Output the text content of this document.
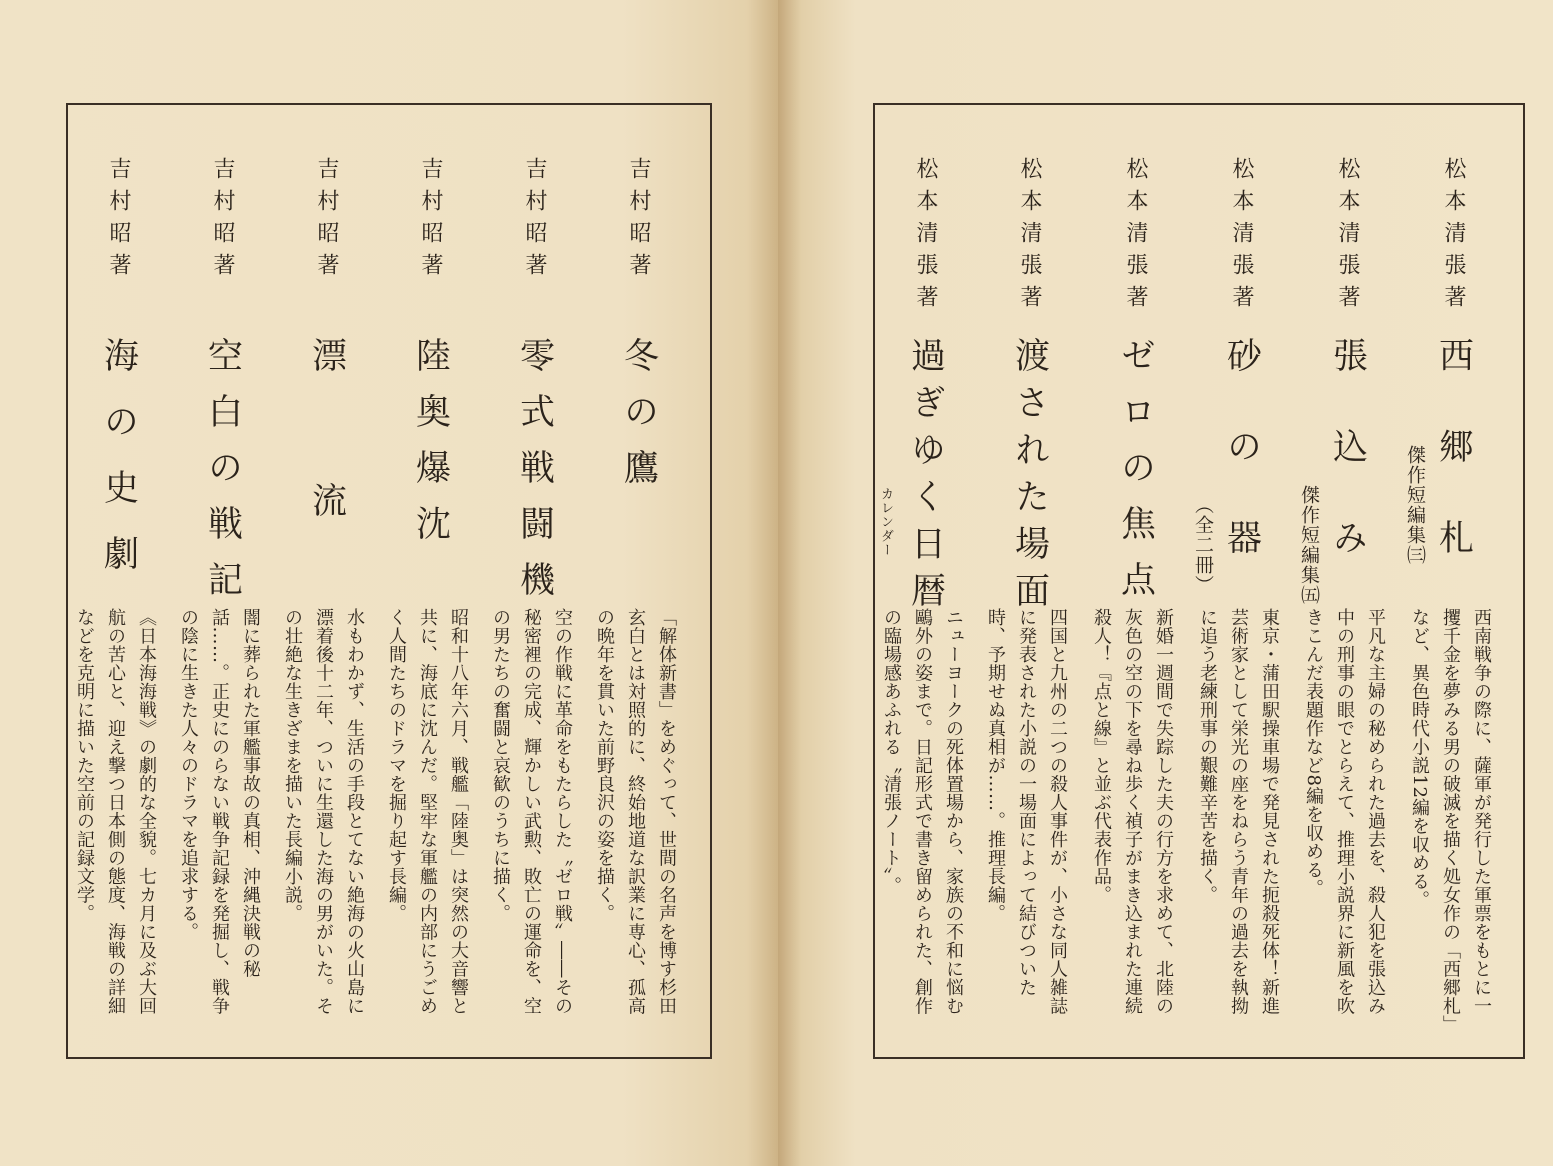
吉村昭著
冬の鷹
「解体新書」をめぐって、世間の名声を博す杉田玄白とは対照的に、終始地道な訳業に専心、孤高の晩年を貫いた前野良沢の姿を描く。
吉村昭著
零式戦闘機
空の作戦に革命をもたらした〝ゼロ戦〟――その秘密裡の完成、輝かしい武勲、敗亡の運命を、空の男たちの奮闘と哀歓のうちに描く。
吉村昭著
陸奥爆沈
昭和十八年六月、戦艦「陸奥」は突然の大音響と共に、海底に沈んだ。堅牢な軍艦の内部にうごめく人間たちのドラマを掘り起す長編。
吉村昭著
漂流
水もわかず、生活の手段とてない絶海の火山島に漂着後十二年、ついに生還した海の男がいた。その壮絶な生きざまを描いた長編小説。
吉村昭著
空白の戦記
闇に葬られた軍艦事故の真相、沖縄決戦の秘話……。正史にのらない戦争記録を発掘し、戦争の陰に生きた人々のドラマを追求する。
吉村昭著
海の史劇
《日本海海戦》の劇的な全貌。七カ月に及ぶ大回航の苦心と、迎え撃つ日本側の態度、海戦の詳細などを克明に描いた空前の記録文学。
松本清張著
西郷札
傑作短編集㈢
西南戦争の際に、薩軍が発行した軍票をもとに一攫千金を夢みる男の破滅を描く処女作の「西郷札」など、異色時代小説12編を収める。
松本清張著
張込み
傑作短編集㈤
平凡な主婦の秘められた過去を、殺人犯を張込み中の刑事の眼でとらえて、推理小説界に新風を吹きこんだ表題作など8編を収める。
松本清張著
砂の器
（全二冊）
東京・蒲田駅操車場で発見された扼殺死体！新進芸術家として栄光の座をねらう青年の過去を執拗に追う老練刑事の艱難辛苦を描く。
松本清張著
ゼロの焦点
新婚一週間で失踪した夫の行方を求めて、北陸の灰色の空の下を尋ね歩く禎子がまき込まれた連続殺人！『点と線』と並ぶ代表作品。
松本清張著
渡された場面
四国と九州の二つの殺人事件が、小さな同人雑誌に発表された小説の一場面によって結びついた時、予期せぬ真相が……。推理長編。
松本清張著
過ぎゆく日暦
カレンダー
ニューヨークの死体置場から、家族の不和に悩む鷗外の姿まで。日記形式で書き留められた、創作の臨場感あふれる〝清張ノート〟。
